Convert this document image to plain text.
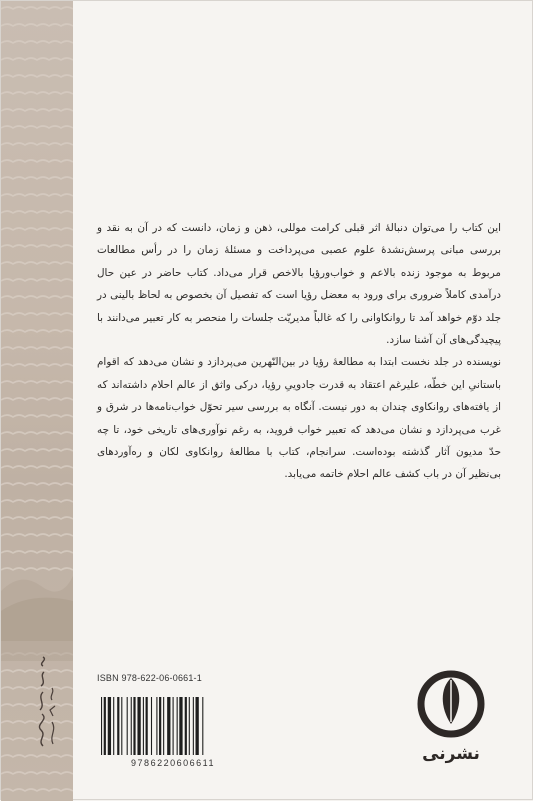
این کتاب را می‌توان دنبالهٔ اثر قبلی کرامت موللی، ذهن و زمان، دانست که در آن به نقد و بررسی مبانی پرسش‌نشدهٔ علوم عصبی می‌پرداخت و مسئلهٔ زمان را در رأس مطالعات مربوط به موجود زنده بالاعم و خواب‌ورؤیا بالاخص قرار می‌داد. کتاب حاضر در عین حال درآمدی کاملاً ضروری برای ورود به معضل رؤیا است که تفصیل آن بخصوص به لحاظ بالینی در جلد دوّم خواهد آمد تا روانکاوانی را که غالباً مدیریّت جلسات را منحصر به کار تعبیر می‌دانند با پیچیدگی‌های آن آشنا سازد.

نویسنده در جلد نخست ابتدا به مطالعهٔ رؤیا در بین‌النّهرین می‌پردازد و نشان می‌دهد که اقوام باستانیِ این خطّه، علیرغم اعتقاد به قدرت جادوییِ رؤیا، درکی واثق از عالم احلام داشته‌اند که از یافته‌های روانکاوی چندان به دور نیست. آنگاه به بررسی سیر تحوّل خواب‌نامه‌ها در شرق و غرب می‌پردازد و نشان می‌دهد که تعبیر خواب فروید، به رغم نوآوری‌های تاریخی خود، تا چه حدّ مدیون آثار گذشته بوده‌است. سرانجام، کتاب با مطالعهٔ روانکاوی لکان و ره‌آوردهای بی‌نظیر آن در باب کشف عالم احلام خاتمه می‌یابد.

ISBN 978-622-06-0661-1
9786220606611	نشرنی
